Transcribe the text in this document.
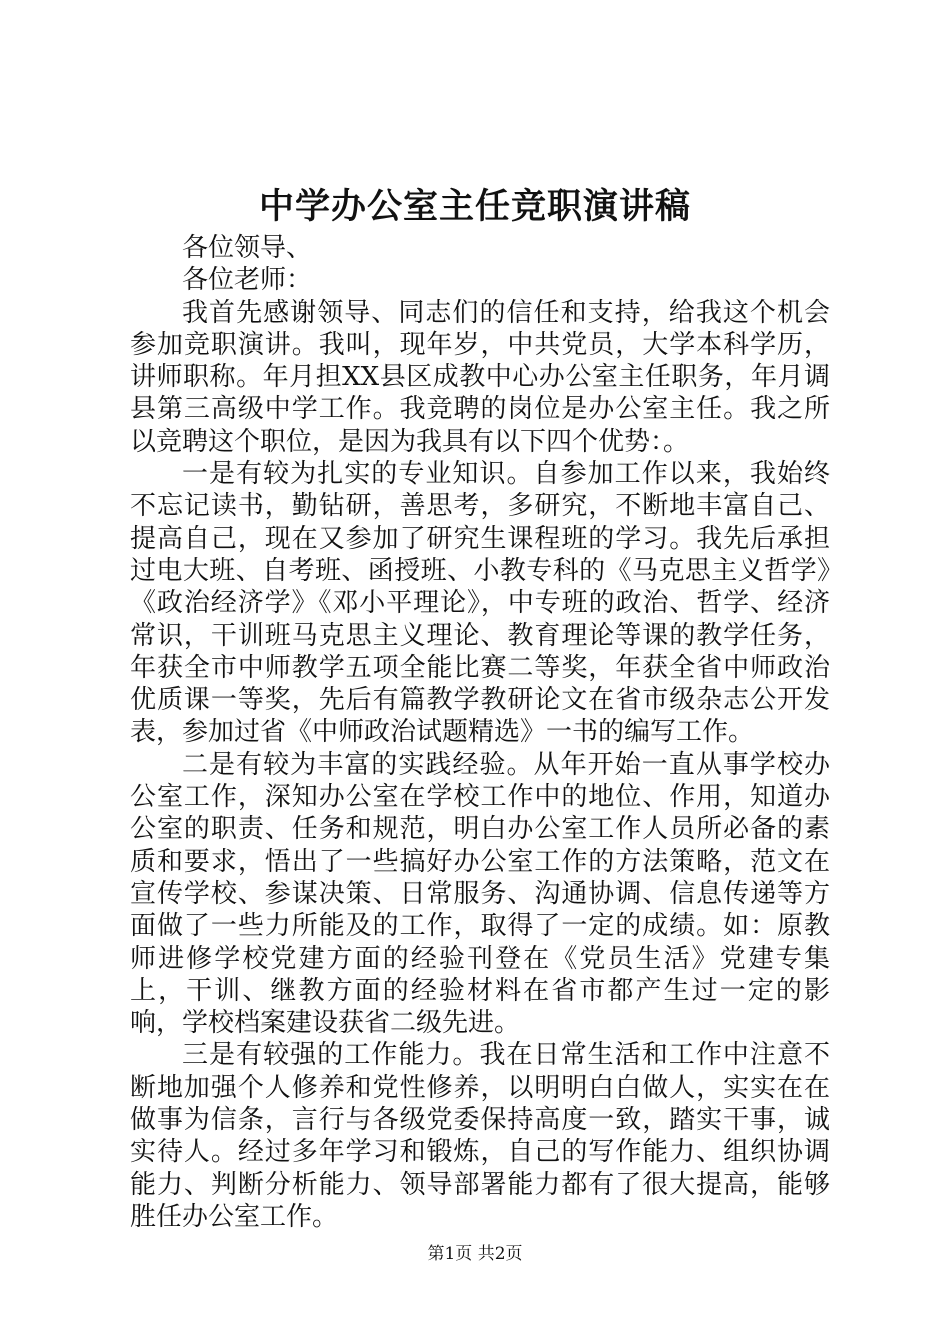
中学办公室主任竞职演讲稿

各位领导、

各位老师：

我首先感谢领导、同志们的信任和支持，给我这个机会参加竞职演讲。我叫，现年岁，中共党员，大学本科学历，讲师职称。年月担XX县区成教中心办公室主任职务，年月调县第三高级中学工作。我竞聘的岗位是办公室主任。我之所以竞聘这个职位，是因为我具有以下四个优势：。

一是有较为扎实的专业知识。自参加工作以来，我始终不忘记读书，勤钻研，善思考，多研究，不断地丰富自己、提高自己，现在又参加了研究生课程班的学习。我先后承担过电大班、自考班、函授班、小教专科的《马克思主义哲学》《政治经济学》《邓小平理论》，中专班的政治、哲学、经济常识，干训班马克思主义理论、教育理论等课的教学任务，年获全市中师教学五项全能比赛二等奖，年获全省中师政治优质课一等奖，先后有篇教学教研论文在省市级杂志公开发表，参加过省《中师政治试题精选》一书的编写工作。

二是有较为丰富的实践经验。从年开始一直从事学校办公室工作，深知办公室在学校工作中的地位、作用，知道办公室的职责、任务和规范，明白办公室工作人员所必备的素质和要求，悟出了一些搞好办公室工作的方法策略，范文在宣传学校、参谋决策、日常服务、沟通协调、信息传递等方面做了一些力所能及的工作，取得了一定的成绩。如：原教师进修学校党建方面的经验刊登在《党员生活》党建专集上，干训、继教方面的经验材料在省市都产生过一定的影响，学校档案建设获省二级先进。

三是有较强的工作能力。我在日常生活和工作中注意不断地加强个人修养和党性修养，以明明白白做人，实实在在做事为信条，言行与各级党委保持高度一致，踏实干事，诚实待人。经过多年学习和锻炼，自己的写作能力、组织协调能力、判断分析能力、领导部署能力都有了很大提高，能够胜任办公室工作。

第1页 共2页
